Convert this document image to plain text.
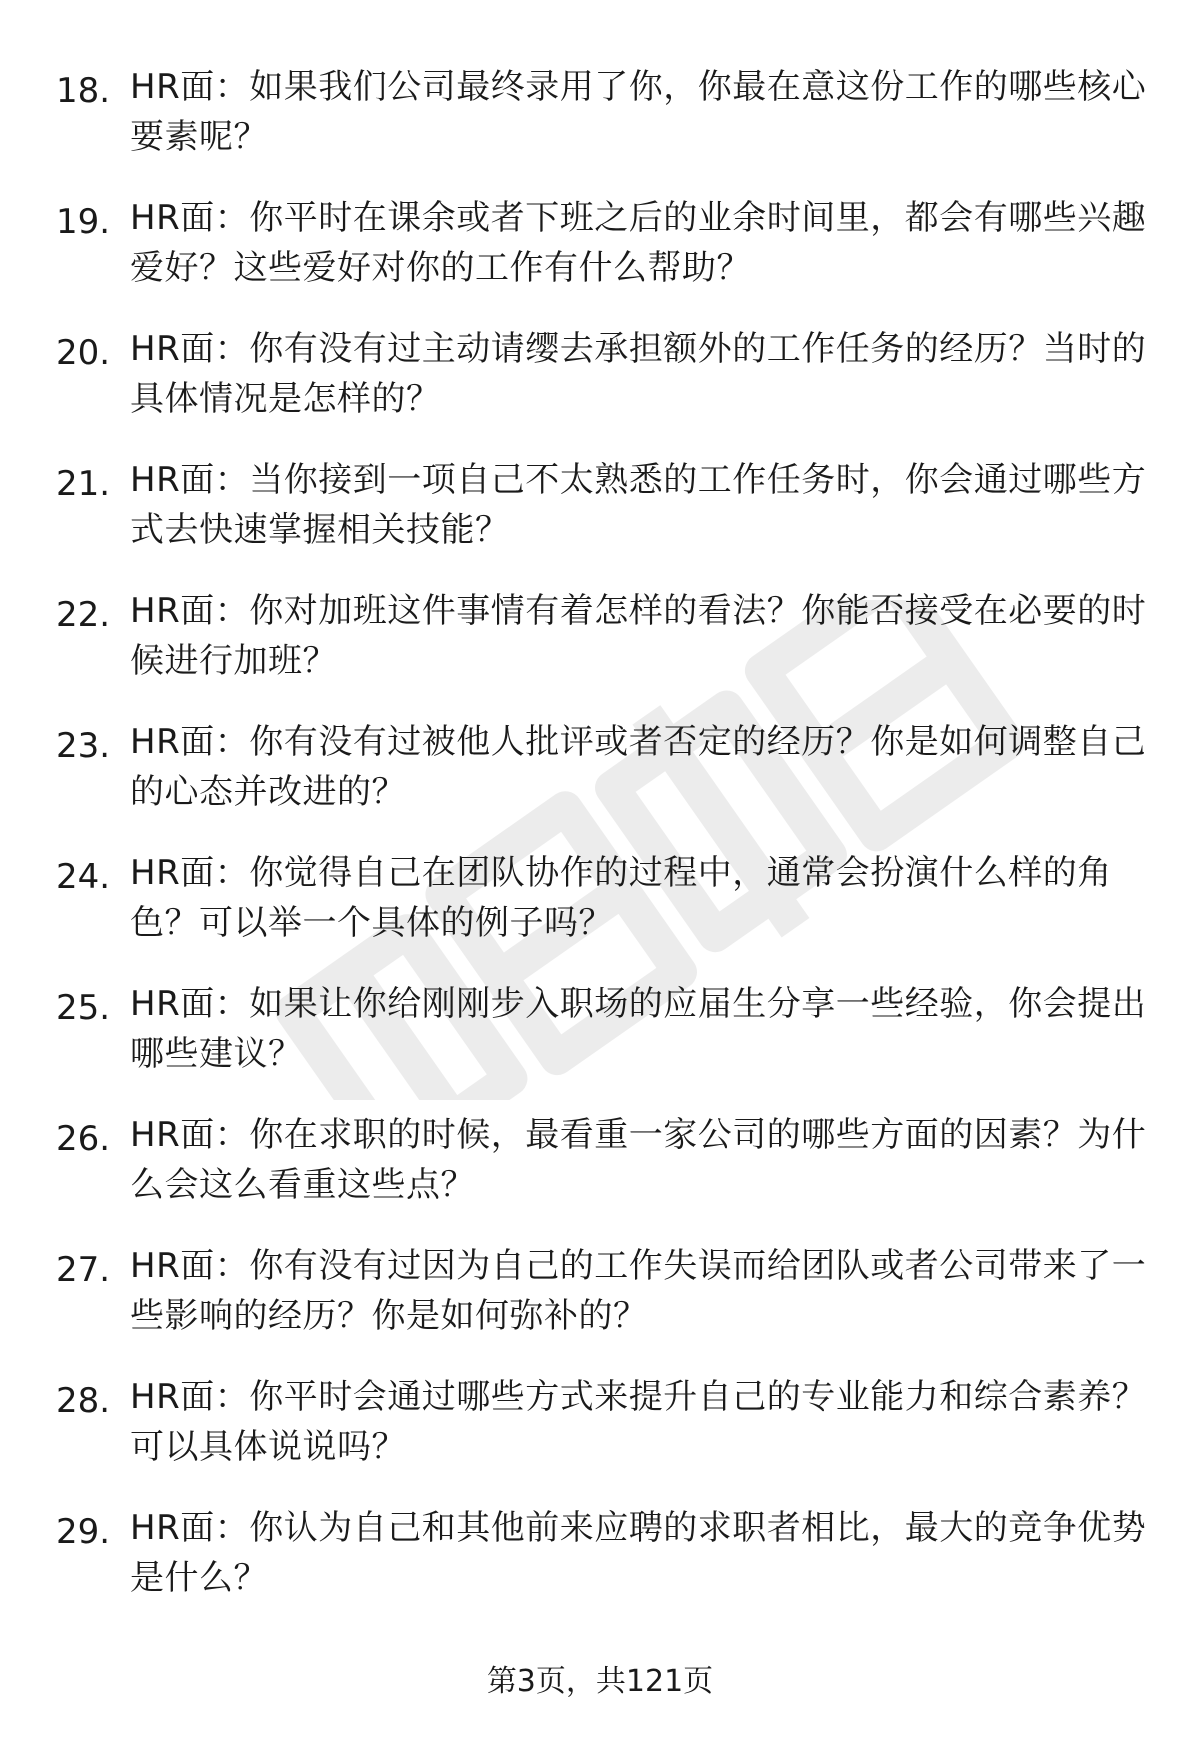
18. HR面：如果我们公司最终录用了你，你最在意这份工作的哪些核心要素呢？
19. HR面：你平时在课余或者下班之后的业余时间里，都会有哪些兴趣爱好？这些爱好对你的工作有什么帮助？
20. HR面：你有没有过主动请缨去承担额外的工作任务的经历？当时的具体情况是怎样的？
21. HR面：当你接到一项自己不太熟悉的工作任务时，你会通过哪些方式去快速掌握相关技能？
22. HR面：你对加班这件事情有着怎样的看法？你能否接受在必要的时候进行加班？
23. HR面：你有没有过被他人批评或者否定的经历？你是如何调整自己的心态并改进的？
24. HR面：你觉得自己在团队协作的过程中，通常会扮演什么样的角色？可以举一个具体的例子吗？
25. HR面：如果让你给刚刚步入职场的应届生分享一些经验，你会提出哪些建议？
26. HR面：你在求职的时候，最看重一家公司的哪些方面的因素？为什么会这么看重这些点？
27. HR面：你有没有过因为自己的工作失误而给团队或者公司带来了一些影响的经历？你是如何弥补的？
28. HR面：你平时会通过哪些方式来提升自己的专业能力和综合素养？可以具体说说吗？
29. HR面：你认为自己和其他前来应聘的求职者相比，最大的竞争优势是什么？
第3页，共121页
